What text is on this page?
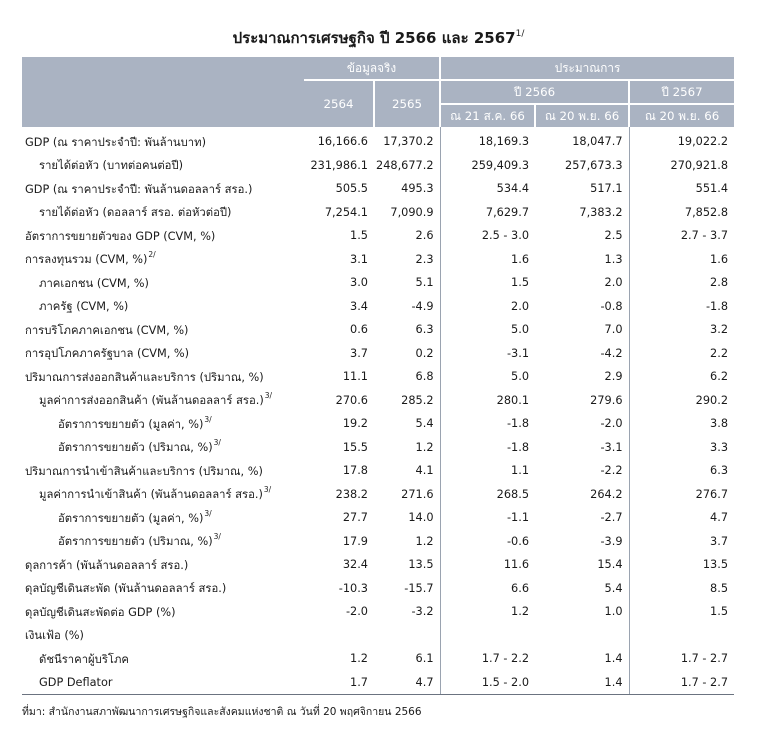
ประมาณการเศรษฐกิจ ปี 2566 และ $2567^{1/}$
	ข้อมูลจริง		ประมาณการ		
	2564	2565	ปี 2566		ปี 2567
			ณ 21 ส.ค. 66	ณ 20 พ.ย. 66	ณ 20 พ.ย. 66
GDP (ณ ราคาประจำปี: พันล้านบาท)	16,166.6	17,370.2	18,169.3	18,047.7	19,022.2
รายได้ต่อหัว (บาทต่อคนต่อปี)	231,986.1	248,677.2	259,409.3	257,673.3	270,921.8
GDP (ณ ราคาประจำปี: พันล้านดอลลาร์ สรอ.)	505.5	495.3	534.4	517.1	551.4
รายได้ต่อหัว (ดอลลาร์ สรอ. ต่อหัวต่อปี)	7,254.1	7,090.9	7,629.7	7,383.2	7,852.8
อัตราการขยายตัวของ GDP (CVM, %)	1.5	2.6	2.5 - 3.0	2.5	2.7 - 3.7
การลงทุนรวม (CVM, %)$^{2/}$	3.1	2.3	1.6	1.3	1.6
ภาคเอกชน (CVM, %)	3.0	5.1	1.5	2.0	2.8
ภาครัฐ (CVM, %)	3.4	-4.9	2.0	-0.8	-1.8
การบริโภคภาคเอกชน (CVM, %)	0.6	6.3	5.0	7.0	3.2
การอุปโภคภาครัฐบาล (CVM, %)	3.7	0.2	-3.1	-4.2	2.2
ปริมาณการส่งออกสินค้าและบริการ (ปริมาณ, %)	11.1	6.8	5.0	2.9	6.2
มูลค่าการส่งออกสินค้า (พันล้านดอลลาร์ สรอ.)$^{3/}$	270.6	285.2	280.1	279.6	290.2
อัตราการขยายตัว (มูลค่า, %)$^{3/}$	19.2	5.4	-1.8	-2.0	3.8
อัตราการขยายตัว (ปริมาณ, %)$^{3/}$	15.5	1.2	-1.8	-3.1	3.3
ปริมาณการนำเข้าสินค้าและบริการ (ปริมาณ, %)	17.8	4.1	1.1	-2.2	6.3
มูลค่าการนำเข้าสินค้า (พันล้านดอลลาร์ สรอ.)$^{3/}$	238.2	271.6	268.5	264.2	276.7
อัตราการขยายตัว (มูลค่า, %)$^{3/}$	27.7	14.0	-1.1	-2.7	4.7
อัตราการขยายตัว (ปริมาณ, %)$^{3/}$	17.9	1.2	-0.6	-3.9	3.7
ดุลการค้า (พันล้านดอลลาร์ สรอ.)	32.4	13.5	11.6	15.4	13.5
ดุลบัญชีเดินสะพัด (พันล้านดอลลาร์ สรอ.)	-10.3	-15.7	6.6	5.4	8.5
ดุลบัญชีเดินสะพัดต่อ GDP (%)	-2.0	-3.2	1.2	1.0	1.5
เงินเฟ้อ (%)					
ดัชนีราคาผู้บริโภค	1.2	6.1	1.7 - 2.2	1.4	1.7 - 2.7
GDP Deflator	1.7	4.7	1.5 - 2.0	1.4	1.7 - 2.7
ที่มา: สำนักงานสภาพัฒนาการเศรษฐกิจและสังคมแห่งชาติ ณ วันที่ 20 พฤศจิกายน 2566
